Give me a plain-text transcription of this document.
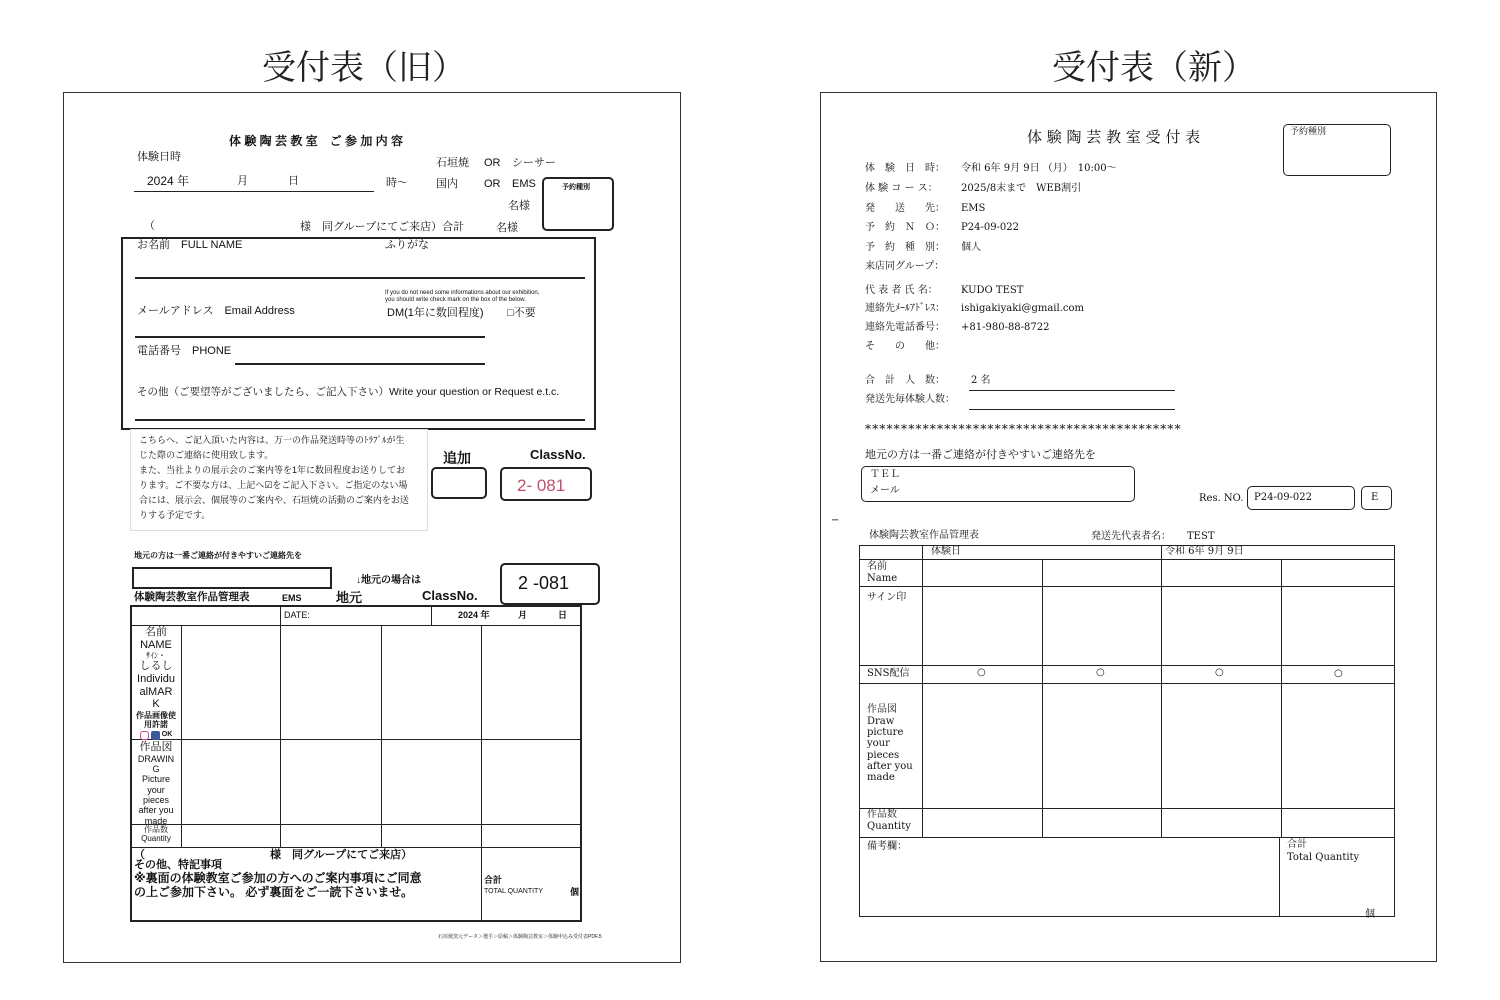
受付表（旧）	受付表（新）
体 験 陶 芸 教 室　ご 参 加 内 容
体験日時
2024 年	月	日	時〜
石垣焼 OR シーサー
国内 OR EMS
名様
予約種別
（	様　同グループにてご来店）合計	名様
お名前　FULL NAME	ふりがな
If you do not need some informations about our exhibition,
you should write check mark on the box of the below.
メールアドレス　Email Address	DM(1年に数回程度) □不要
電話番号　PHONE
その他（ご要望等がございましたら、ご記入下さい）Write your question or Request e.t.c.
こちらへ、ご記入頂いた内容は、万一の作品発送時等のﾄﾗﾌﾞﾙが生
じた際のご連絡に使用致します。
また、当社よりの展示会のご案内等を1年に数回程度お送りしてお
ります。ご不要な方は、上記へ☑をご記入下さい。ご指定のない場
合には、展示会、個展等のご案内や、石垣焼の活動のご案内をお送
りする予定です。
追加	ClassNo.
2- 081
地元の方は一番ご連絡が付きやすいご連絡先を
↓地元の場合は	2 -081
体験陶芸教室作品管理表	EMS	地元	ClassNo.
DATE:	2024 年	月	日
名前
NAME
ｻｲﾝ・
しるし
Individu
alMAR
K
作品画像使
用許諾
OK
作品図
DRAWIN
G
Picture
your
pieces
after you
made
作品数
Quantity
（	様　同グループにてご来店）
その他、特記事項
※裏面の体験教室ご参加の方へのご案内事項にご同意
の上ご参加下さい。 必ず裏面をご一読下さいませ。
合計
TOTAL QUANTITY	個
石垣焼窯元データ＞選手＞原稿＞体験陶芸教室＞体験申込み受付表PDF.5
体 験 陶 芸 教 室 受 付 表	予約種別
体　験　日　時： 令和 6年 9月 9日 （月）　10:00〜
体 験 コ ー ス： 2025/8末まで　WEB割引
発　　送　　先： EMS
予　約　Ｎ　Ｏ： P24-09-022
予　約　種　別： 個人
来店同グループ：
代 表 者 氏 名： KUDO TEST
連絡先ﾒｰﾙｱﾄﾞﾚｽ： ishigakiyaki@gmail.com
連絡先電話番号： +81-980-88-8722
そ　　の　　他：
合　計　人　数：	2 名
発送先毎体験人数：
********************************************
地元の方は一番ご連絡が付きやすいご連絡先を
ＴＥＬ
メール
Res. NO. P24-09-022	E
−
体験陶芸教室作品管理表	発送先代表者名： TEST
体験日	令和 6年 9月 9日
名前
Name
サイン印
SNS配信	○	○	○	○
作品図
Draw
picture
your
pieces
after you
made
作品数
Quantity
備考欄：	合計
Total Quantity
個
